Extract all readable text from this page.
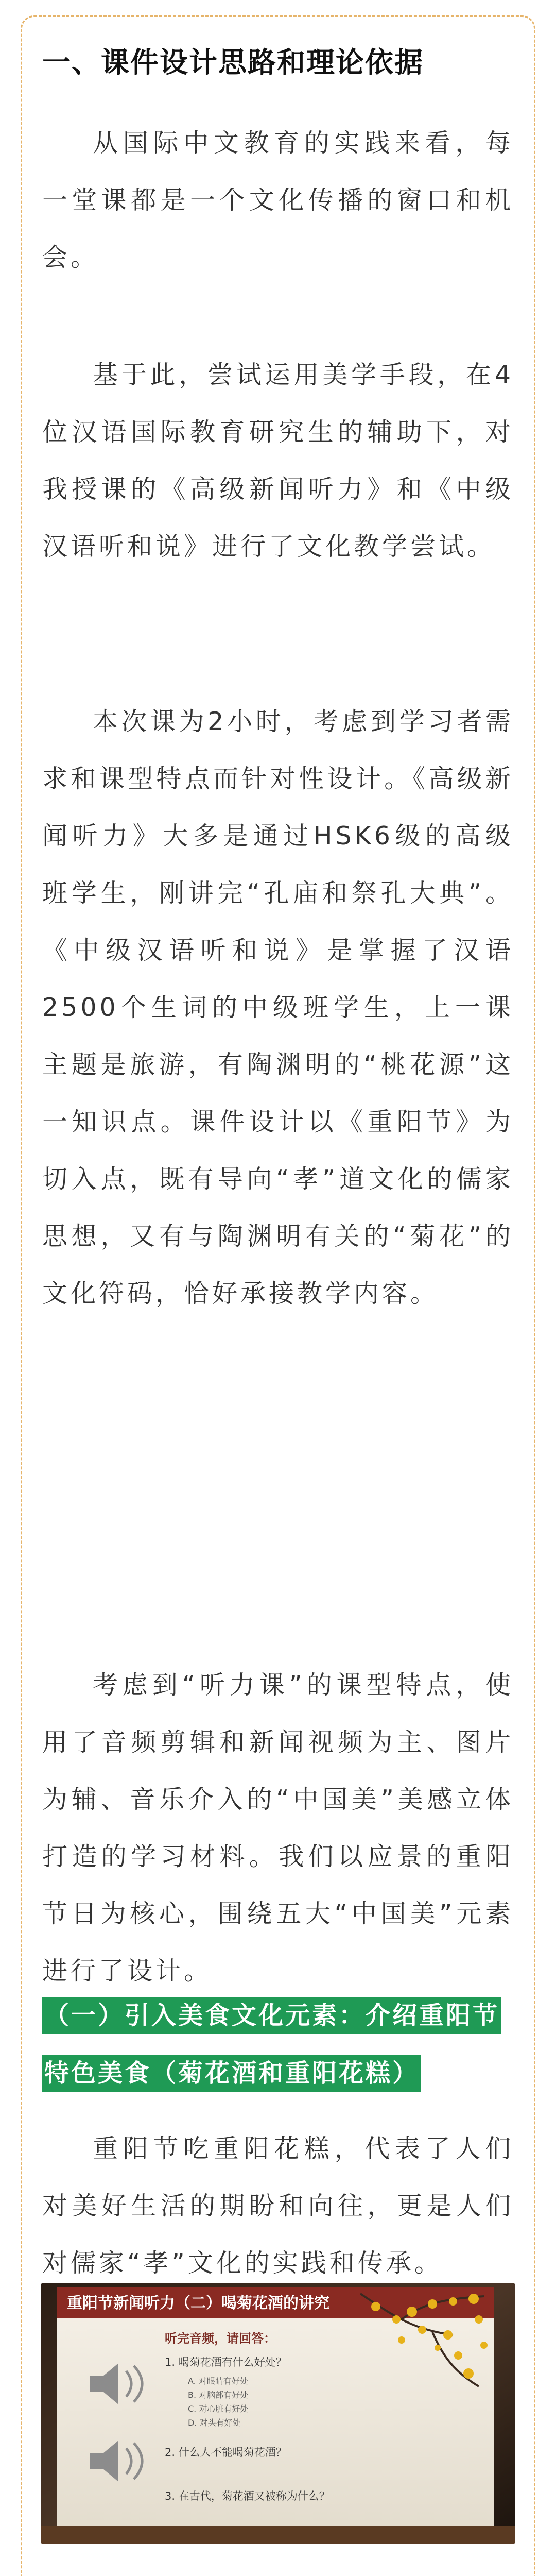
一、课件设计思路和理论依据
从国际中文教育的实践来看，每一堂课都是一个文化传播的窗口和机会。
基于此，尝试运用美学手段，在4位汉语国际教育研究生的辅助下，对我授课的《高级新闻听力》和《中级汉语听和说》进行了文化教学尝试。
本次课为2小时，考虑到学习者需求和课型特点而针对性设计。《高级新闻听力》大多是通过HSK6级的高级班学生，刚讲完“孔庙和祭孔大典”。《中级汉语听和说》是掌握了汉语2500个生词的中级班学生，上一课主题是旅游，有陶渊明的“桃花源”这一知识点。课件设计以《重阳节》为切入点，既有导向“孝”道文化的儒家思想，又有与陶渊明有关的“菊花”的文化符码，恰好承接教学内容。
考虑到“听力课”的课型特点，使用了音频剪辑和新闻视频为主、图片为辅、音乐介入的“中国美”美感立体打造的学习材料。我们以应景的重阳节日为核心，围绕五大“中国美”元素进行了设计。
（一）引入美食文化元素：介绍重阳节特色美食（菊花酒和重阳花糕）
重阳节吃重阳花糕，代表了人们对美好生活的期盼和向往，更是人们对儒家“孝”文化的实践和传承。
重阳节新闻听力（二）喝菊花酒的讲究
听完音频，请回答：
1. 喝菊花酒有什么好处？
A. 对眼睛有好处
B. 对脑部有好处
C. 对心脏有好处
D. 对头有好处
2. 什么人不能喝菊花酒？
3. 在古代，菊花酒又被称为什么？
